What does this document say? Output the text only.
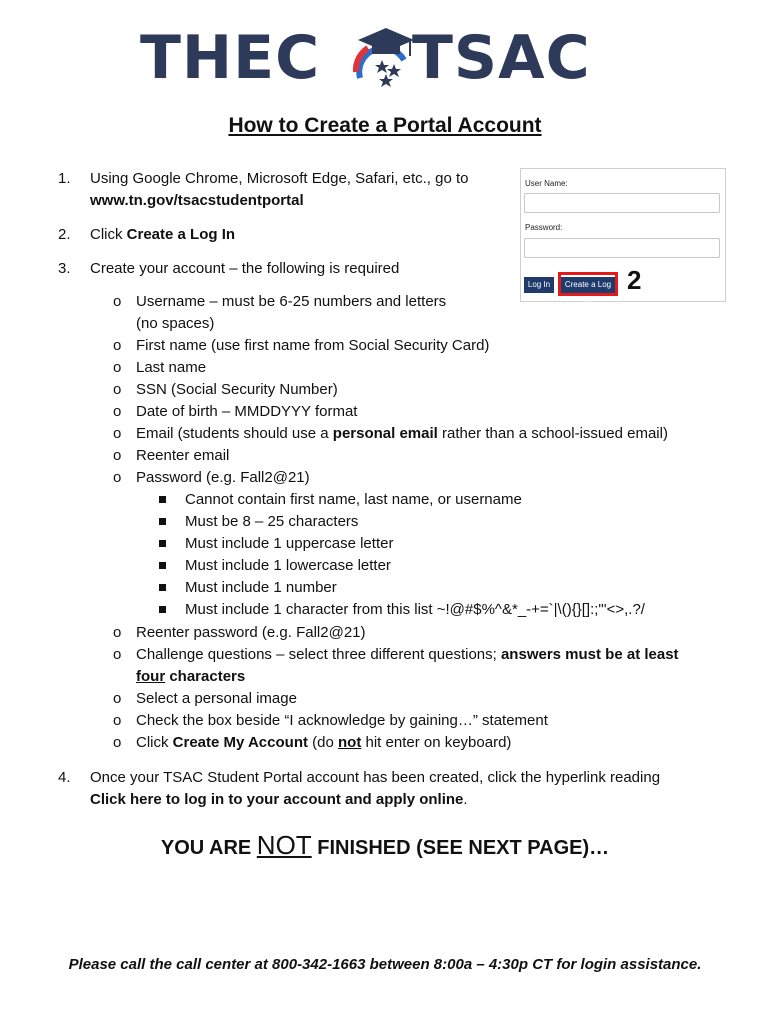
THEC TSAC
How to Create a Portal Account
1. Using Google Chrome, Microsoft Edge, Safari, etc., go to
www.tn.gov/tsacstudentportal
2. Click Create a Log In
3. Create your account – the following is required
o Username – must be 6-25 numbers and letters
(no spaces)
o First name (use first name from Social Security Card)
o Last name
o SSN (Social Security Number)
o Date of birth – MMDDYYY format
o Email (students should use a personal email rather than a school-issued email)
o Reenter email
o Password (e.g. Fall2@21)
Cannot contain first name, last name, or username
Must be 8 – 25 characters
Must include 1 uppercase letter
Must include 1 lowercase letter
Must include 1 number
Must include 1 character from this list ~!@#$%^&*_-+=`|\(){}[]:;"'<>,.?/
o Reenter password (e.g. Fall2@21)
o Challenge questions – select three different questions; answers must be at least
four characters
o Select a personal image
o Check the box beside “I acknowledge by gaining…” statement
o Click Create My Account (do not hit enter on keyboard)
4. Once your TSAC Student Portal account has been created, click the hyperlink reading
Click here to log in to your account and apply online.
User Name:
Password:
Log In	Create a Log In
2
YOU ARE NOT FINISHED (SEE NEXT PAGE)…
Please call the call center at 800-342-1663 between 8:00a – 4:30p CT for login assistance.
